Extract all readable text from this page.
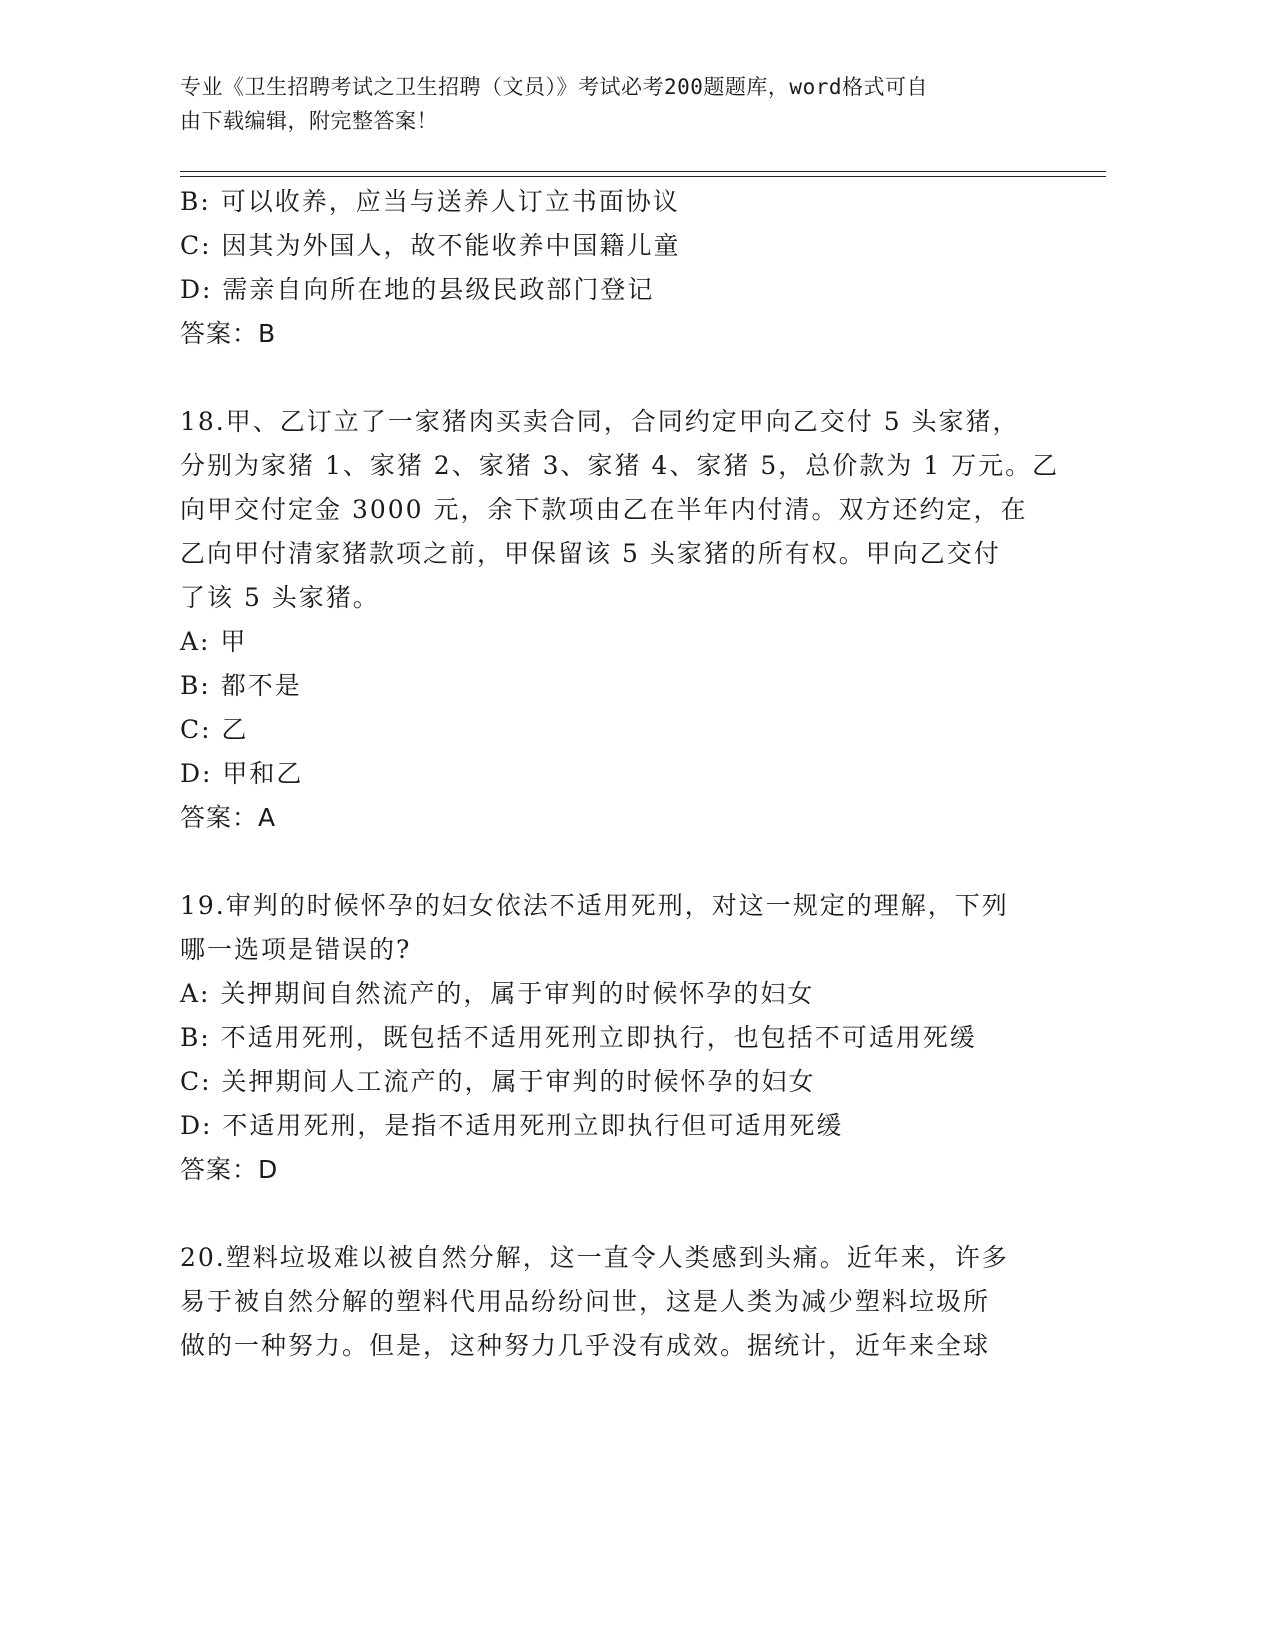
专业《卫生招聘考试之卫生招聘（文员）》考试必考200题题库，word格式可自
由下载编辑，附完整答案！
B: 可以收养，应当与送养人订立书面协议
C: 因其为外国人，故不能收养中国籍儿童
D: 需亲自向所在地的县级民政部门登记
答案：B
18.甲、乙订立了一家猪肉买卖合同，合同约定甲向乙交付 5 头家猪，
分别为家猪 1、家猪 2、家猪 3、家猪 4、家猪 5，总价款为 1 万元。乙
向甲交付定金 3000 元，余下款项由乙在半年内付清。双方还约定，在
乙向甲付清家猪款项之前，甲保留该 5 头家猪的所有权。甲向乙交付
了该 5 头家猪。
A: 甲
B: 都不是
C: 乙
D: 甲和乙
答案：A
19.审判的时候怀孕的妇女依法不适用死刑，对这一规定的理解，下列
哪一选项是错误的?
A: 关押期间自然流产的，属于审判的时候怀孕的妇女
B: 不适用死刑，既包括不适用死刑立即执行，也包括不可适用死缓
C: 关押期间人工流产的，属于审判的时候怀孕的妇女
D: 不适用死刑，是指不适用死刑立即执行但可适用死缓
答案：D
20.塑料垃圾难以被自然分解，这一直令人类感到头痛。近年来，许多
易于被自然分解的塑料代用品纷纷问世，这是人类为减少塑料垃圾所
做的一种努力。但是，这种努力几乎没有成效。据统计，近年来全球
